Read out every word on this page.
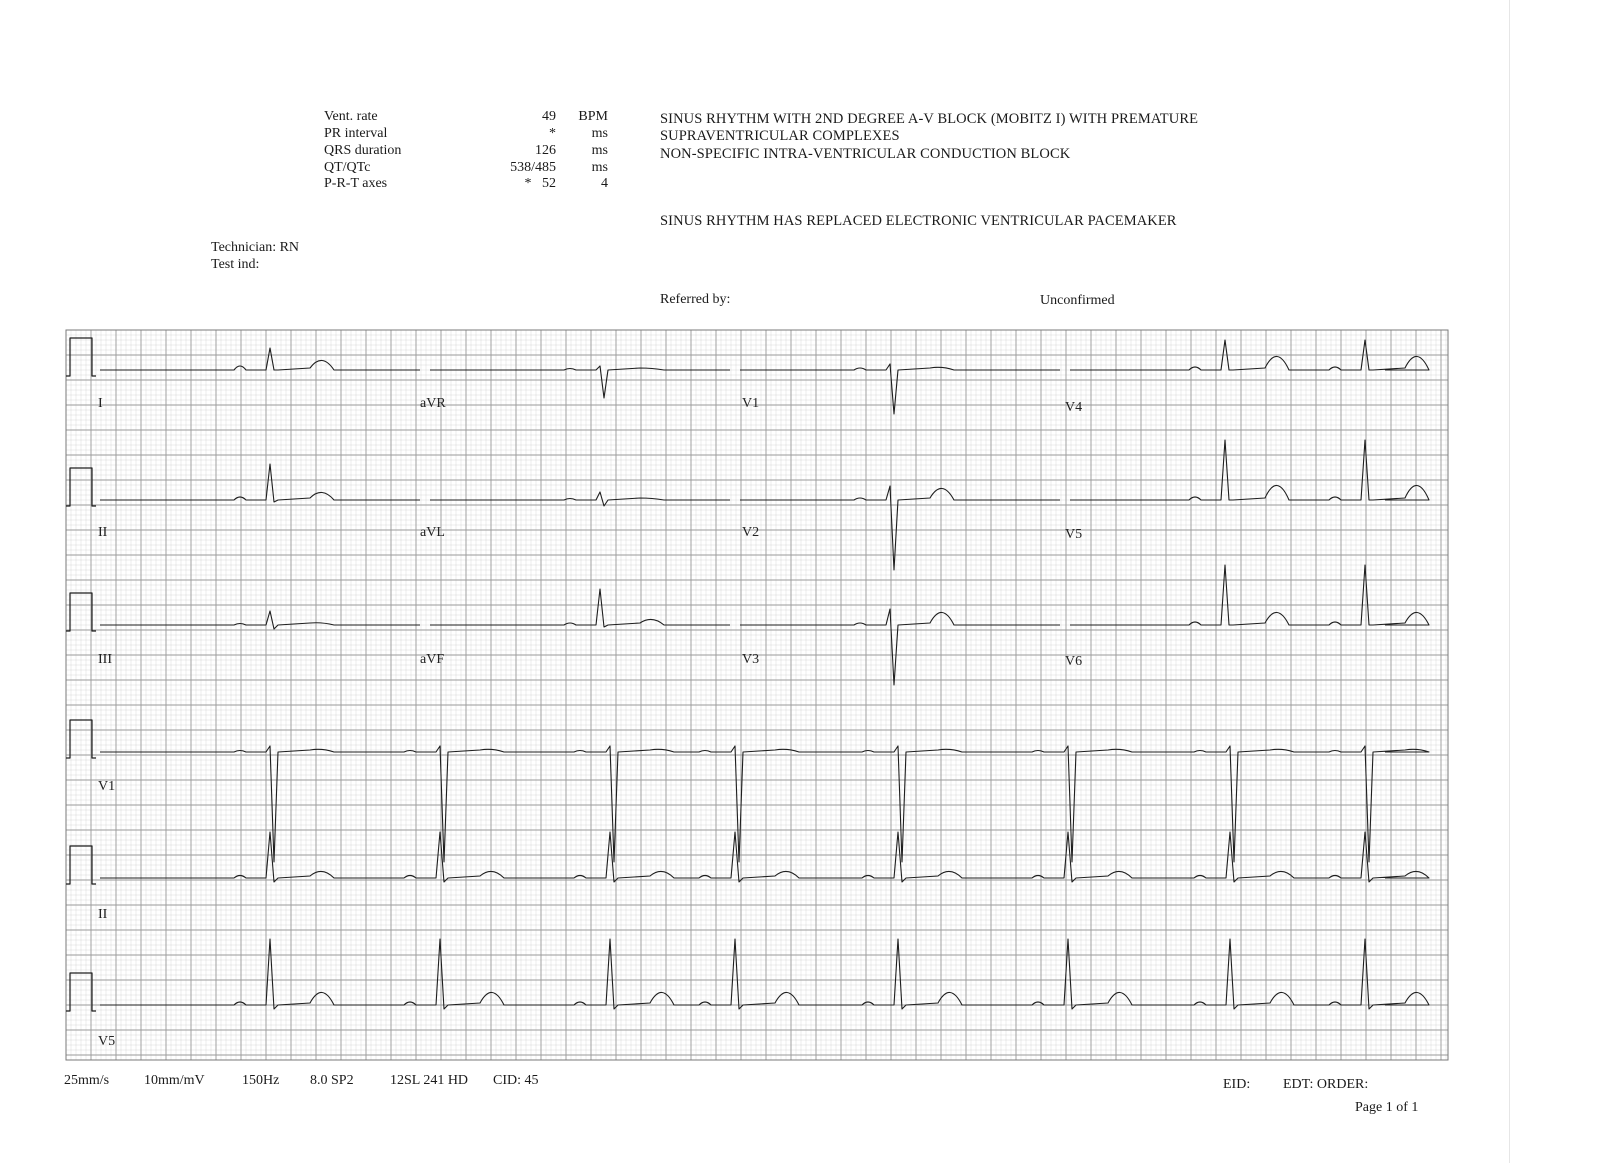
Vent. rate	49	BPM
PR interval	*	ms
QRS duration	126	ms
QT/QTc	538/485	ms
P-R-T axes	*   52	4
SINUS RHYTHM WITH 2ND DEGREE A-V BLOCK (MOBITZ I) WITH PREMATURE
SUPRAVENTRICULAR COMPLEXES
NON-SPECIFIC INTRA-VENTRICULAR CONDUCTION BLOCK
SINUS RHYTHM HAS REPLACED ELECTRONIC VENTRICULAR PACEMAKER
Technician: RN
Test ind:
Referred by:	Unconfirmed
I	aVR	V1	V4
II	aVL	V2	V5
III	aVF	V3	V6
V1
II
V5
25mm/s 10mm/mV	150Hz 8.0 SP2	12SL 241 HD CID: 45	EID: EDT: ORDER:
Page 1 of 1
